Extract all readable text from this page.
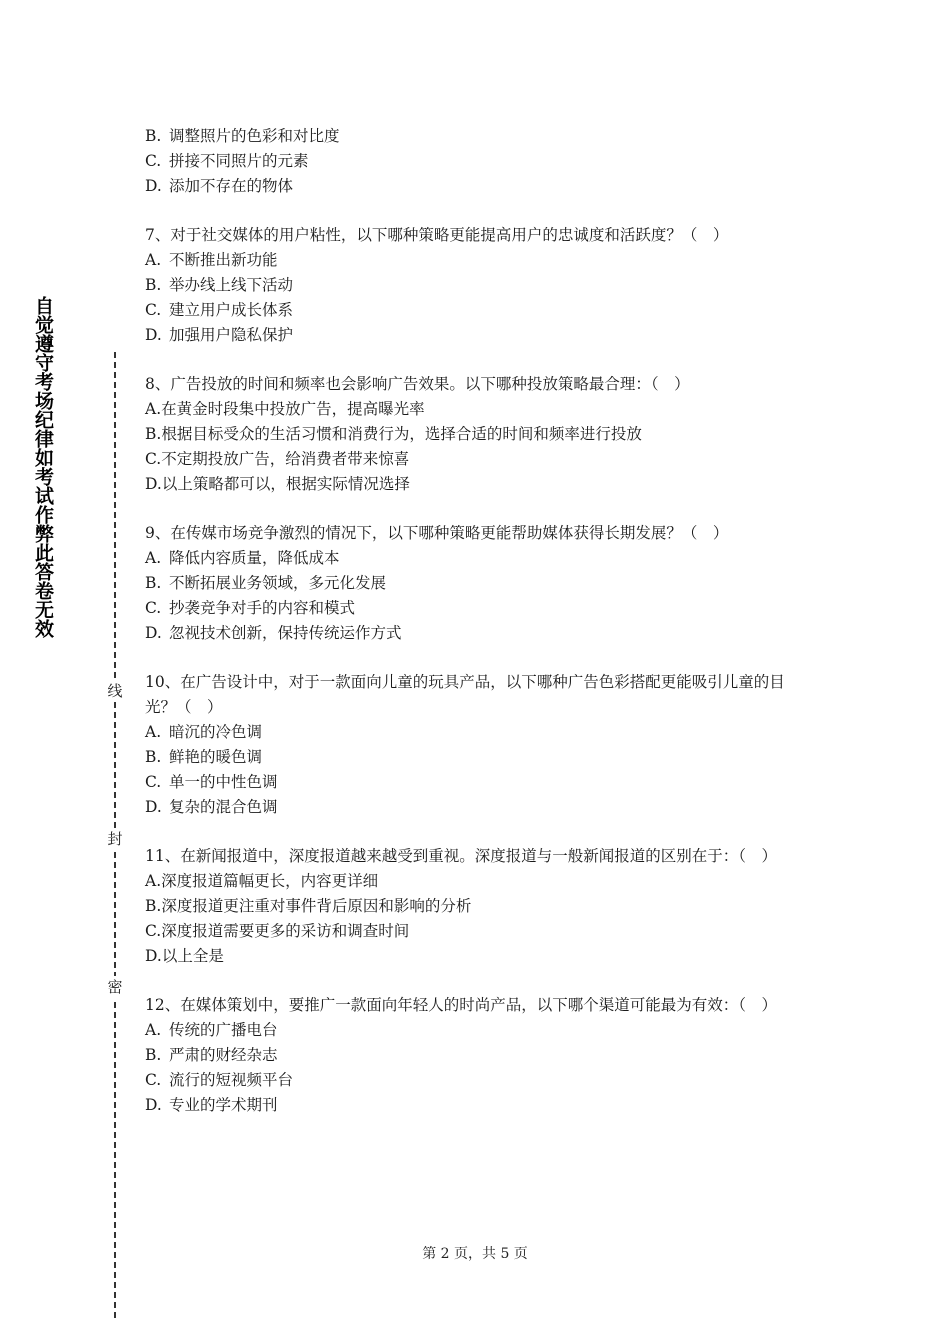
自觉遵守考场纪律如考试作弊此答卷无效
线
封
密

B. 调整照片的色彩和对比度

C. 拼接不同照片的元素

D. 添加不存在的物体

7、对于社交媒体的用户粘性，以下哪种策略更能提高用户的忠诚度和活跃度？（　）

A. 不断推出新功能

B. 举办线上线下活动

C. 建立用户成长体系

D. 加强用户隐私保护

8、广告投放的时间和频率也会影响广告效果。以下哪种投放策略最合理：（　）

A.在黄金时段集中投放广告，提高曝光率

B.根据目标受众的生活习惯和消费行为，选择合适的时间和频率进行投放

C.不定期投放广告，给消费者带来惊喜

D.以上策略都可以，根据实际情况选择

9、在传媒市场竞争激烈的情况下，以下哪种策略更能帮助媒体获得长期发展？（　）

A. 降低内容质量，降低成本

B. 不断拓展业务领域，多元化发展

C. 抄袭竞争对手的内容和模式

D. 忽视技术创新，保持传统运作方式

10、在广告设计中，对于一款面向儿童的玩具产品，以下哪种广告色彩搭配更能吸引儿童的目光？（　）

A. 暗沉的冷色调

B. 鲜艳的暖色调

C. 单一的中性色调

D. 复杂的混合色调

11、在新闻报道中，深度报道越来越受到重视。深度报道与一般新闻报道的区别在于：（　）

A.深度报道篇幅更长，内容更详细

B.深度报道更注重对事件背后原因和影响的分析

C.深度报道需要更多的采访和调查时间

D.以上全是

12、在媒体策划中，要推广一款面向年轻人的时尚产品，以下哪个渠道可能最为有效：（　）

A. 传统的广播电台

B. 严肃的财经杂志

C. 流行的短视频平台

D. 专业的学术期刊

第 2 页，共 5 页
